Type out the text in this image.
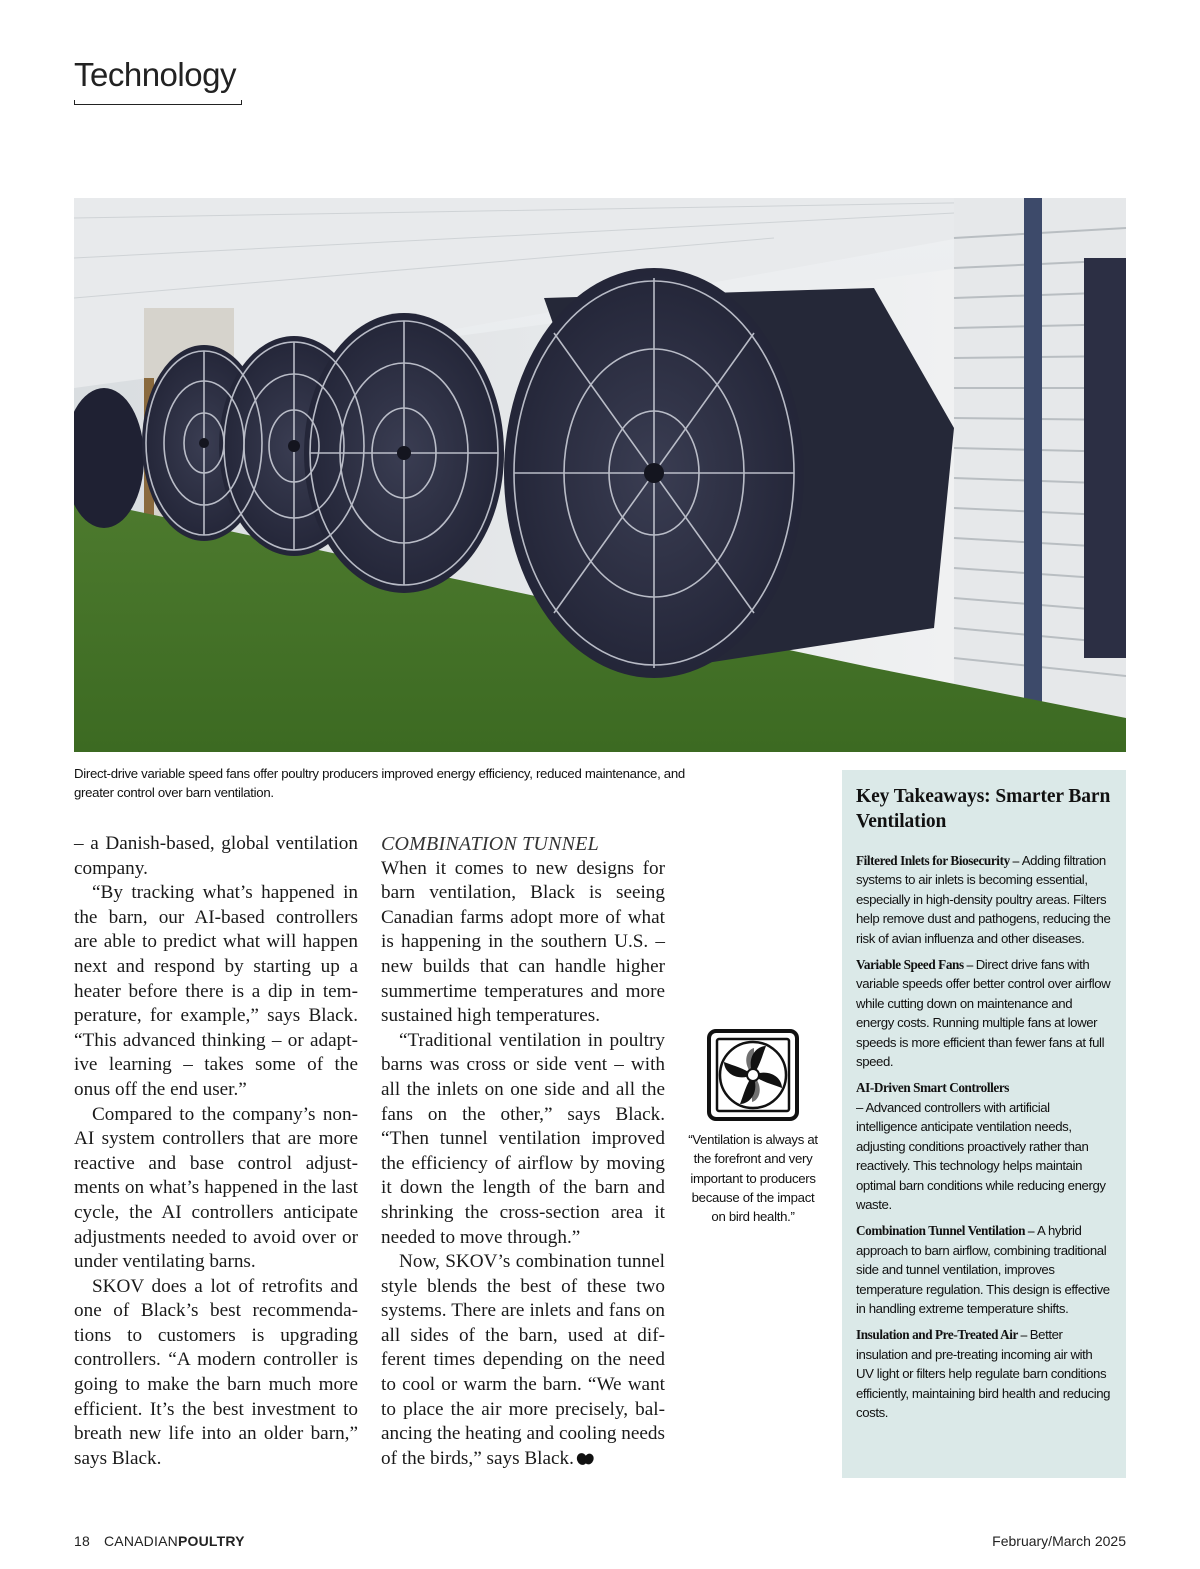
Technology
Direct-drive variable speed fans offer poultry producers improved energy efficiency, reduced maintenance, and greater control over barn ventilation.

– a Danish-based, global ventilation company.

“By tracking what’s happened in the barn, our AI-based controllers are able to predict what will happen next and respond by starting up a heater before there is a dip in temperature, for example,” says Black. “This advanced thinking – or adaptive learning – takes some of the onus off the end user.”

Compared to the company’s non-AI system controllers that are more reactive and base control adjustments on what’s happened in the last cycle, the AI controllers anticipate adjustments needed to avoid over or under ventilating barns.

SKOV does a lot of retrofits and one of Black’s best recommendations to customers is upgrading controllers. “A modern controller is going to make the barn much more efficient. It’s the best investment to breath new life into an older barn,” says Black.

COMBINATION TUNNEL

When it comes to new designs for barn ventilation, Black is seeing Canadian farms adopt more of what is happening in the southern U.S. – new builds that can handle higher summertime temperatures and more sustained high temperatures.

“Traditional ventilation in poultry barns was cross or side vent – with all the inlets on one side and all the fans on the other,” says Black. “Then tunnel ventilation improved the efficiency of airflow by moving it down the length of the barn and shrinking the cross-section area it needed to move through.”

Now, SKOV’s combination tunnel style blends the best of these two systems. There are inlets and fans on all sides of the barn, used at different times depending on the need to cool or warm the barn. “We want to place the air more precisely, balancing the heating and cooling needs of the birds,” says Black.

“Ventilation is always at the forefront and very important to producers because of the impact on bird health.”
Key Takeaways: Smarter Barn Ventilation
Filtered Inlets for Biosecurity – Adding filtration systems to air inlets is becoming essential, especially in high-density poultry areas. Filters help remove dust and pathogens, reducing the risk of avian influenza and other diseases.
Variable Speed Fans – Direct drive fans with variable speeds offer better control over airflow while cutting down on maintenance and energy costs. Running multiple fans at lower speeds is more efficient than fewer fans at full speed.
AI-Driven Smart Controllers
– Advanced controllers with artificial intelligence anticipate ventilation needs, adjusting conditions proactively rather than reactively. This technology helps maintain optimal barn conditions while reducing energy waste.
Combination Tunnel Ventilation – A hybrid approach to barn airflow, combining traditional side and tunnel ventilation, improves temperature regulation. This design is effective in handling extreme temperature shifts.
Insulation and Pre-Treated Air – Better insulation and pre-treating incoming air with UV light or filters help regulate barn conditions efficiently, maintaining bird health and reducing costs.
18 CANADIANPOULTRY	February/March 2025
